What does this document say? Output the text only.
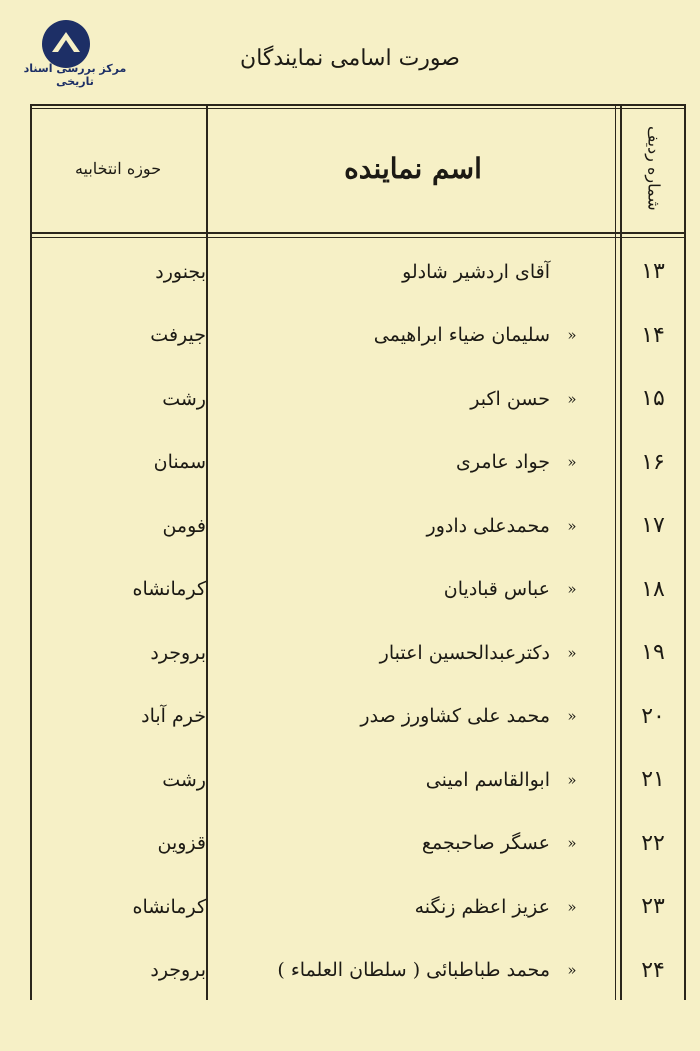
مرکز بررسی اسناد تاریخی
صورت اسامی نمایندگان
شماره ردیف
اسم نماینده
حوزه انتخابیه
۱۳
آقای اردشیر شادلو
بجنورد
۱۴
«
سلیمان ضیاء ابراهیمی
جیرفت
۱۵
«
حسن اکبر
رشت
۱۶
«
جواد عامری
سمنان
۱۷
«
محمدعلی دادور
فومن
۱۸
«
عباس قبادیان
کرمانشاه
۱۹
«
دکترعبدالحسین اعتبار
بروجرد
۲۰
«
محمد علی کشاورز صدر
خرم آباد
۲۱
«
ابوالقاسم امینی
رشت
۲۲
«
عسگر صاحبجمع
قزوین
۲۳
«
عزیز اعظم زنگنه
کرمانشاه
۲۴
«
محمد طباطبائی ( سلطان العلماء )
بروجرد
